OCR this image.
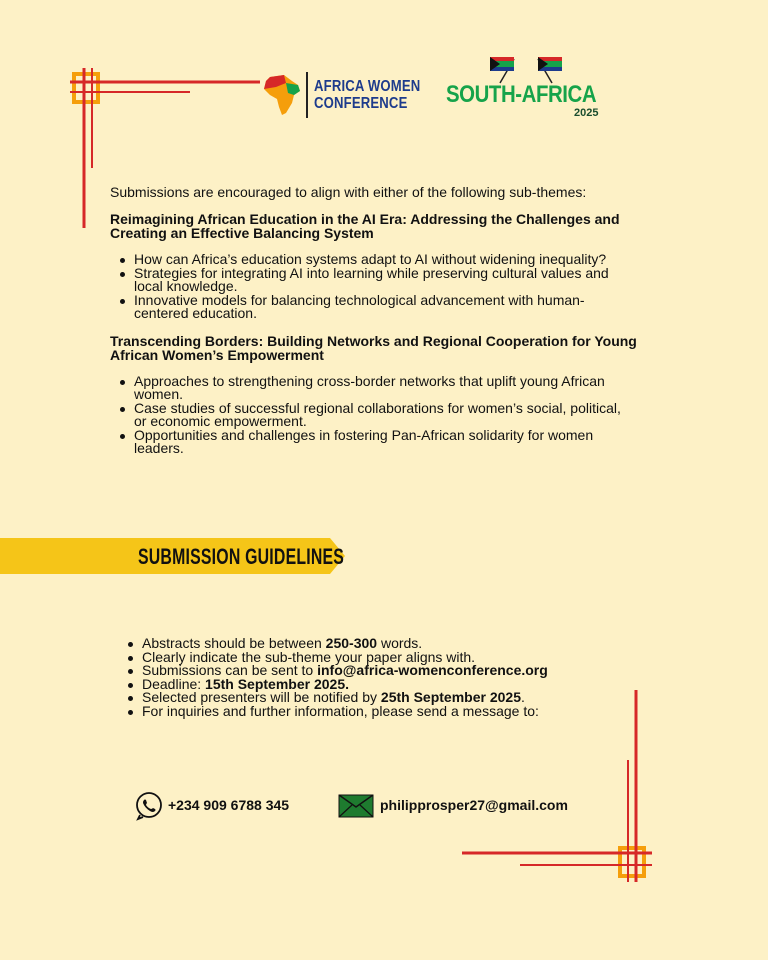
AFRICA WOMEN
CONFERENCE	SOUTH-AFRICA
2025
Submissions are encouraged to align with either of the following sub-themes:
Reimagining African Education in the AI Era: Addressing the Challenges and Creating an Effective Balancing System
How can Africa’s education systems adapt to AI without widening inequality?
Strategies for integrating AI into learning while preserving cultural values and local knowledge.
Innovative models for balancing technological advancement with human-centered education.
Transcending Borders: Building Networks and Regional Cooperation for Young African Women’s Empowerment
Approaches to strengthening cross-border networks that uplift young African women.
Case studies of successful regional collaborations for women’s social, political, or economic empowerment.
Opportunities and challenges in fostering Pan-African solidarity for women leaders.
SUBMISSION GUIDELINES
Abstracts should be between 250-300 words.
Clearly indicate the sub-theme your paper aligns with.
Submissions can be sent to info@africa-womenconference.org
Deadline: 15th September 2025.
Selected presenters will be notified by 25th September 2025.
For inquiries and further information, please send a message to:
+234 909 6788 345	philipprosper27@gmail.com
